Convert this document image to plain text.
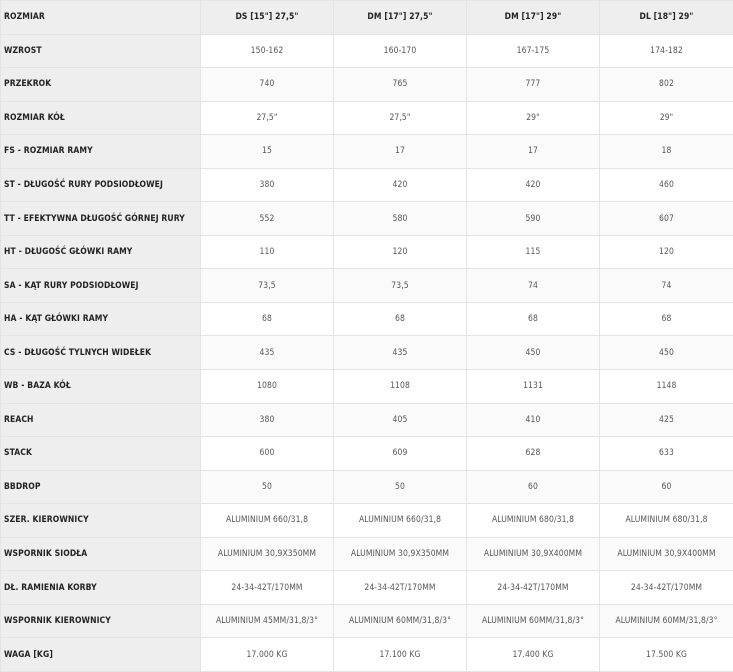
ROZMIAR	DS [15"] 27,5"	DM [17"] 27,5"	DM [17"] 29"	DL [18"] 29"
WZROST	150-162	160-170	167-175	174-182
PRZEKROK	740	765	777	802
ROZMIAR KÓŁ	27,5"	27,5"	29"	29"
FS - ROZMIAR RAMY	15	17	17	18
ST - DŁUGOŚĆ RURY PODSIODŁOWEJ	380	420	420	460
TT - EFEKTYWNA DŁUGOŚĆ GÓRNEJ RURY	552	580	590	607
HT - DŁUGOŚĆ GŁÓWKI RAMY	110	120	115	120
SA - KĄT RURY PODSIODŁOWEJ	73,5	73,5	74	74
HA - KĄT GŁÓWKI RAMY	68	68	68	68
CS - DŁUGOŚĆ TYLNYCH WIDEŁEK	435	435	450	450
WB - BAZA KÓŁ	1080	1108	1131	1148
REACH	380	405	410	425
STACK	600	609	628	633
BBDROP	50	50	60	60
SZER. KIEROWNICY	ALUMINIUM 660/31,8	ALUMINIUM 660/31,8	ALUMINIUM 680/31,8	ALUMINIUM 680/31,8
WSPORNIK SIODŁA	ALUMINIUM 30,9X350MM	ALUMINIUM 30,9X350MM	ALUMINIUM 30,9X400MM	ALUMINIUM 30,9X400MM
DŁ. RAMIENIA KORBY	24-34-42T/170MM	24-34-42T/170MM	24-34-42T/170MM	24-34-42T/170MM
WSPORNIK KIEROWNICY	ALUMINIUM 45MM/31,8/3°	ALUMINIUM 60MM/31,8/3°	ALUMINIUM 60MM/31,8/3°	ALUMINIUM 60MM/31,8/3°
WAGA [KG]	17.000 KG	17.100 KG	17.400 KG	17.500 KG
